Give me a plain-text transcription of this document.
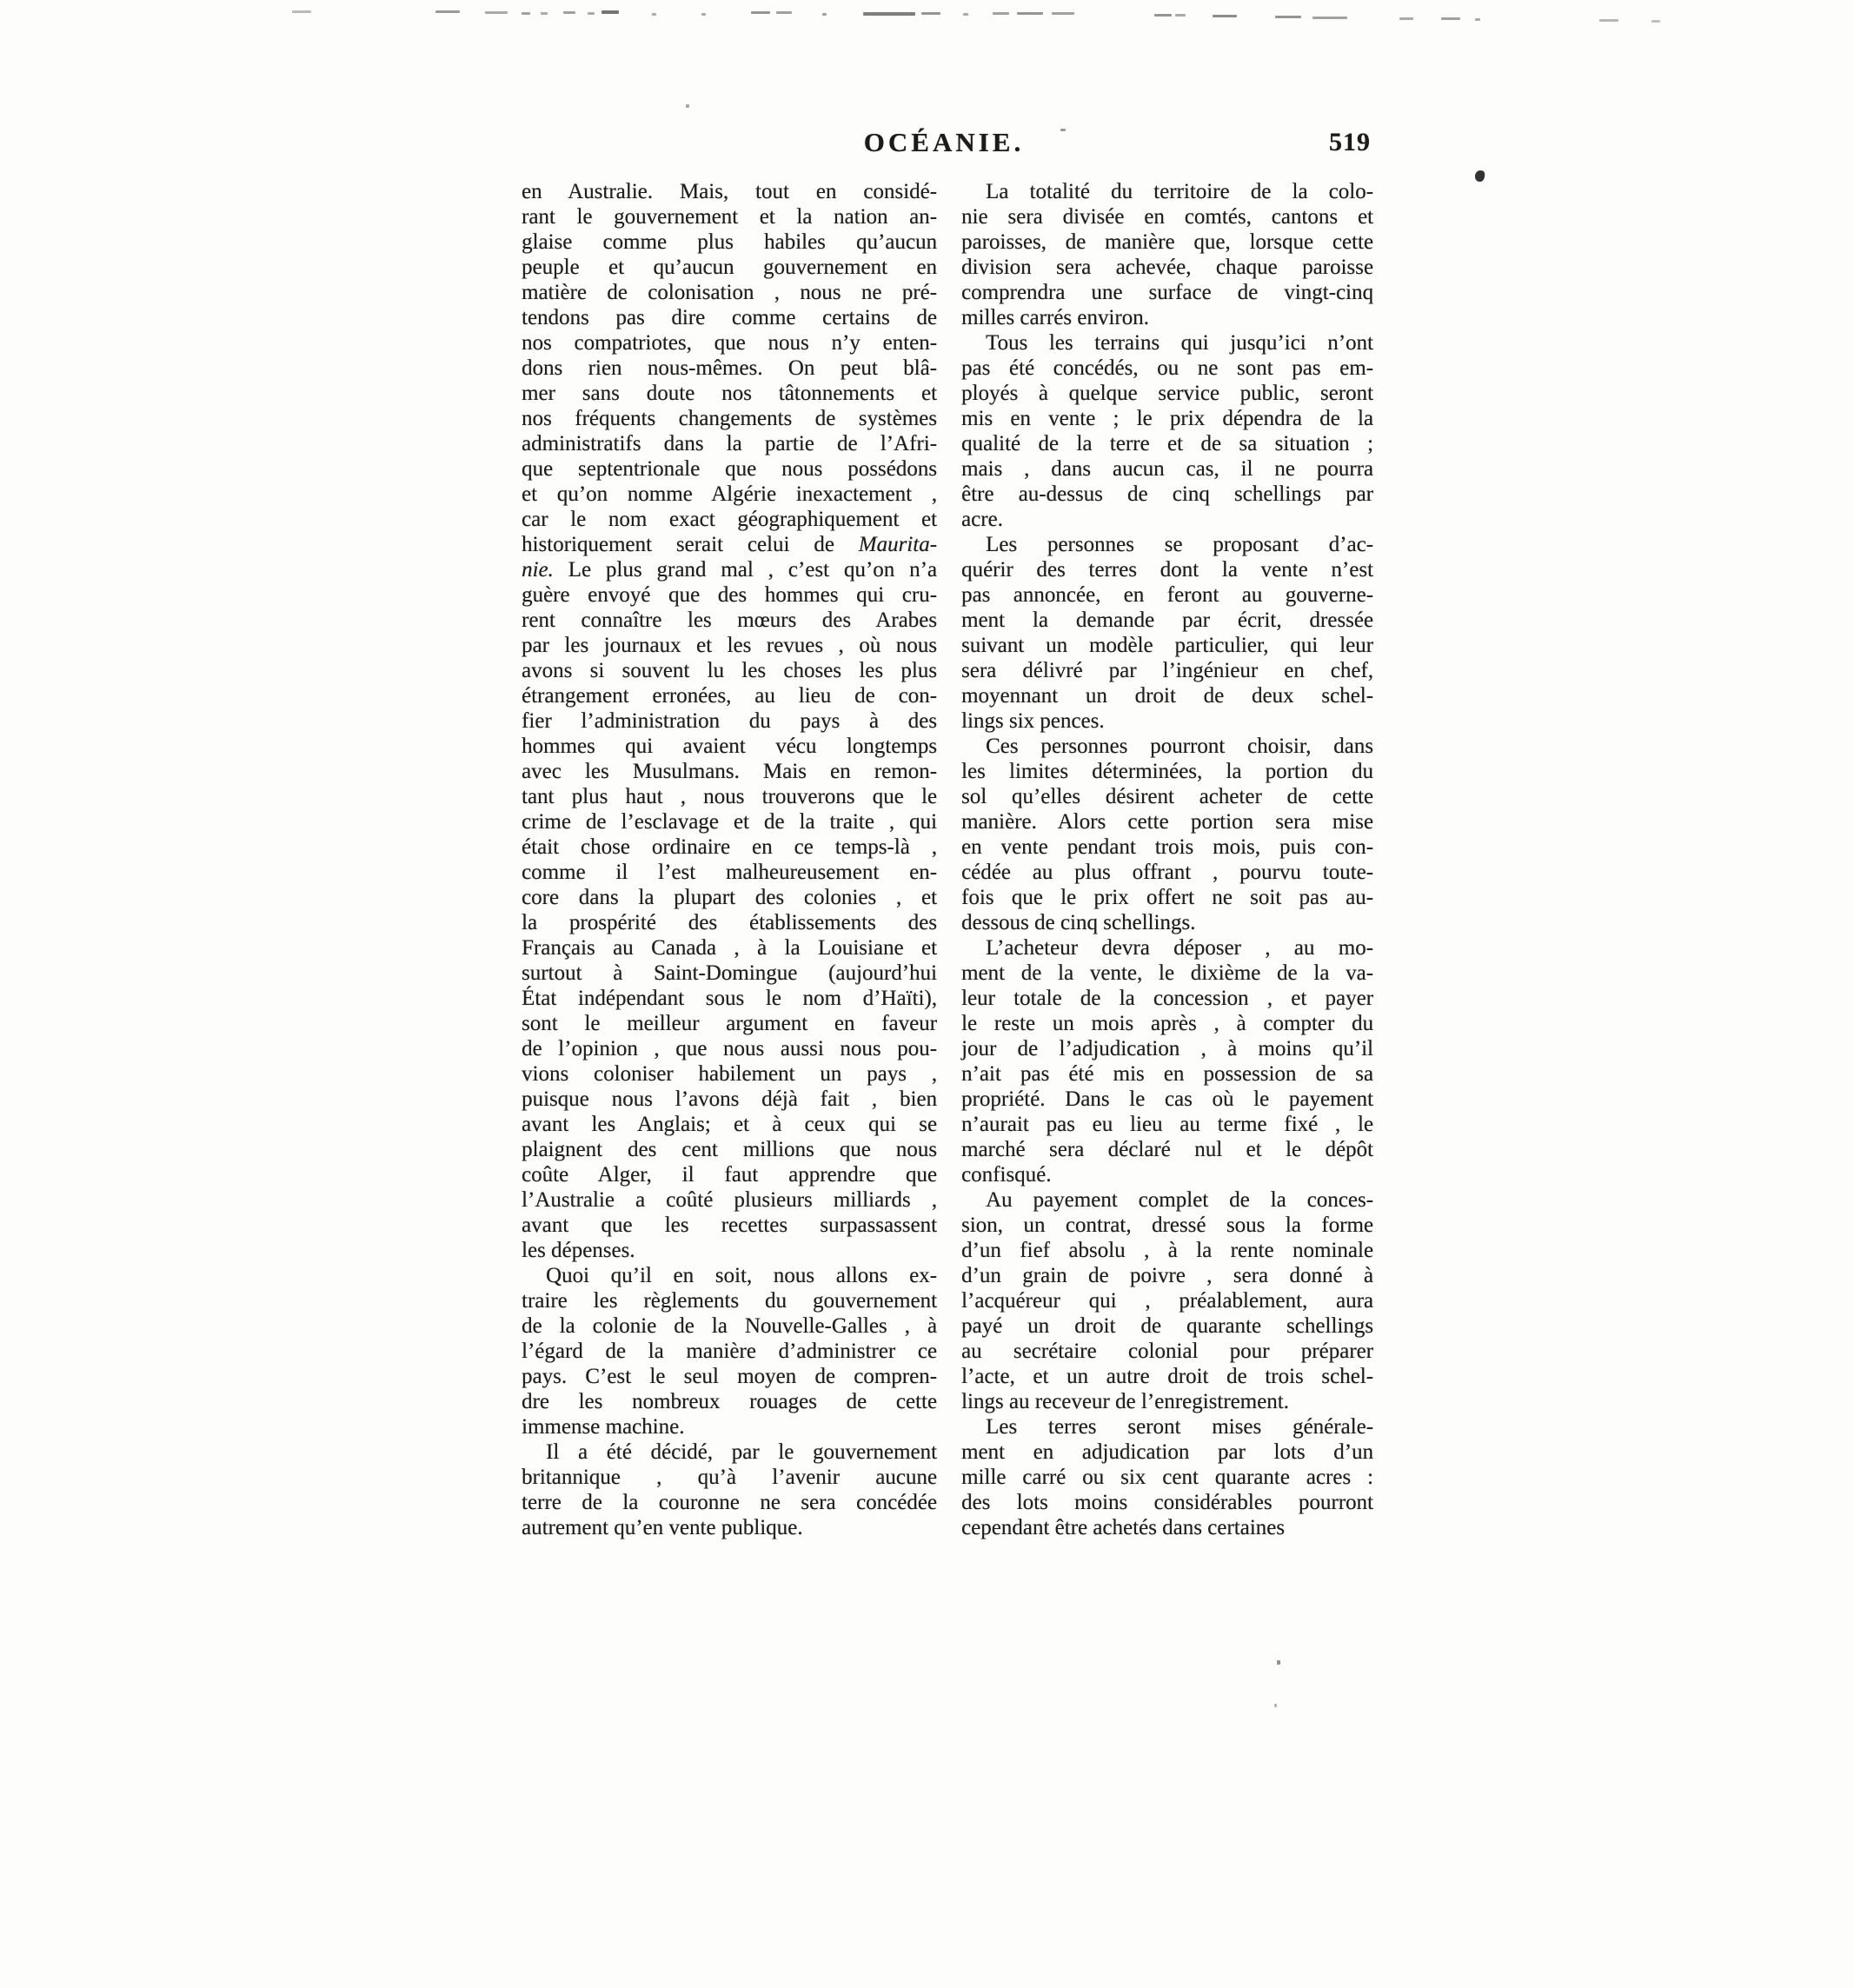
OCÉANIE.	519
en Australie. Mais, tout en considé-
rant le gouvernement et la nation an-
glaise comme plus habiles qu’aucun
peuple et qu’aucun gouvernement en
matière de colonisation , nous ne pré-
tendons pas dire comme certains de
nos compatriotes, que nous n’y enten-
dons rien nous-mêmes. On peut blâ-
mer sans doute nos tâtonnements et
nos fréquents changements de systèmes
administratifs dans la partie de l’Afri-
que septentrionale que nous possédons
et qu’on nomme Algérie inexactement ,
car le nom exact géographiquement et
historiquement serait celui de Maurita-
nie. Le plus grand mal , c’est qu’on n’a
guère envoyé que des hommes qui cru-
rent connaître les mœurs des Arabes
par les journaux et les revues , où nous
avons si souvent lu les choses les plus
étrangement erronées, au lieu de con-
fier l’administration du pays à des
hommes qui avaient vécu longtemps
avec les Musulmans. Mais en remon-
tant plus haut , nous trouverons que le
crime de l’esclavage et de la traite , qui
était chose ordinaire en ce temps-là ,
comme il l’est malheureusement en-
core dans la plupart des colonies , et
la prospérité des établissements des
Français au Canada , à la Louisiane et
surtout à Saint-Domingue (aujourd’hui
État indépendant sous le nom d’Haïti),
sont le meilleur argument en faveur
de l’opinion , que nous aussi nous pou-
vions coloniser habilement un pays ,
puisque nous l’avons déjà fait , bien
avant les Anglais; et à ceux qui se
plaignent des cent millions que nous
coûte Alger, il faut apprendre que
l’Australie a coûté plusieurs milliards ,
avant que les recettes surpassassent
les dépenses.
Quoi qu’il en soit, nous allons ex-
traire les règlements du gouvernement
de la colonie de la Nouvelle-Galles , à
l’égard de la manière d’administrer ce
pays. C’est le seul moyen de compren-
dre les nombreux rouages de cette
immense machine.
Il a été décidé, par le gouvernement
britannique , qu’à l’avenir aucune
terre de la couronne ne sera concédée
autrement qu’en vente publique.
La totalité du territoire de la colo-
nie sera divisée en comtés, cantons et
paroisses, de manière que, lorsque cette
division sera achevée, chaque paroisse
comprendra une surface de vingt-cinq
milles carrés environ.
Tous les terrains qui jusqu’ici n’ont
pas été concédés, ou ne sont pas em-
ployés à quelque service public, seront
mis en vente ; le prix dépendra de la
qualité de la terre et de sa situation ;
mais , dans aucun cas, il ne pourra
être au-dessus de cinq schellings par
acre.
Les personnes se proposant d’ac-
quérir des terres dont la vente n’est
pas annoncée, en feront au gouverne-
ment la demande par écrit, dressée
suivant un modèle particulier, qui leur
sera délivré par l’ingénieur en chef,
moyennant un droit de deux schel-
lings six pences.
Ces personnes pourront choisir, dans
les limites déterminées, la portion du
sol qu’elles désirent acheter de cette
manière. Alors cette portion sera mise
en vente pendant trois mois, puis con-
cédée au plus offrant , pourvu toute-
fois que le prix offert ne soit pas au-
dessous de cinq schellings.
L’acheteur devra déposer , au mo-
ment de la vente, le dixième de la va-
leur totale de la concession , et payer
le reste un mois après , à compter du
jour de l’adjudication , à moins qu’il
n’ait pas été mis en possession de sa
propriété. Dans le cas où le payement
n’aurait pas eu lieu au terme fixé , le
marché sera déclaré nul et le dépôt
confisqué.
Au payement complet de la conces-
sion, un contrat, dressé sous la forme
d’un fief absolu , à la rente nominale
d’un grain de poivre , sera donné à
l’acquéreur qui , préalablement, aura
payé un droit de quarante schellings
au secrétaire colonial pour préparer
l’acte, et un autre droit de trois schel-
lings au receveur de l’enregistrement.
Les terres seront mises générale-
ment en adjudication par lots d’un
mille carré ou six cent quarante acres :
des lots moins considérables pourront
cependant être achetés dans certaines
